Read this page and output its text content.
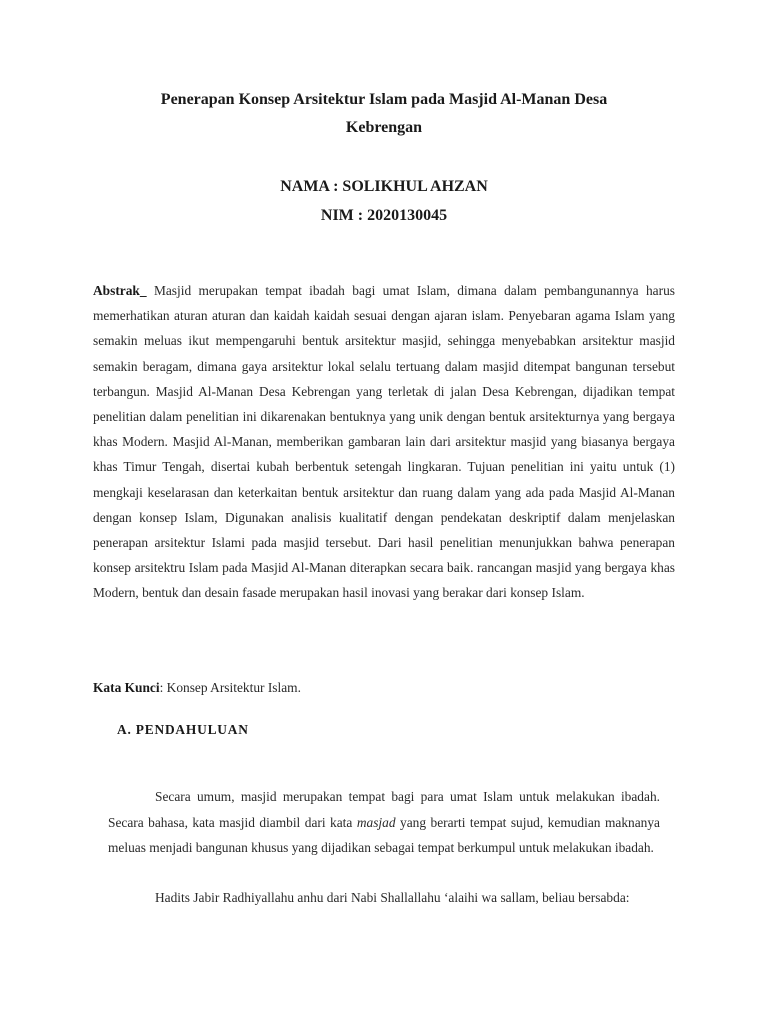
Penerapan Konsep Arsitektur Islam pada Masjid Al-Manan Desa
Kebrengan

NAMA : SOLIKHUL AHZAN

NIM : 2020130045

Abstrak_ Masjid merupakan tempat ibadah bagi umat Islam, dimana dalam pembangunannya harus memerhatikan aturan aturan dan kaidah kaidah sesuai dengan ajaran islam. Penyebaran agama Islam yang semakin meluas ikut mempengaruhi bentuk arsitektur masjid, sehingga menyebabkan arsitektur masjid semakin beragam, dimana gaya arsitektur lokal selalu tertuang dalam masjid ditempat bangunan tersebut terbangun. Masjid Al-Manan Desa Kebrengan yang terletak di jalan Desa Kebrengan, dijadikan tempat penelitian dalam penelitian ini dikarenakan bentuknya yang unik dengan bentuk arsitekturnya yang bergaya khas Modern. Masjid Al-Manan, memberikan gambaran lain dari arsitektur masjid yang biasanya bergaya khas Timur Tengah, disertai kubah berbentuk setengah lingkaran. Tujuan penelitian ini yaitu untuk (1) mengkaji keselarasan dan keterkaitan bentuk arsitektur dan ruang dalam yang ada pada Masjid Al-Manan dengan konsep Islam, Digunakan analisis kualitatif dengan pendekatan deskriptif dalam menjelaskan penerapan arsitektur Islami pada masjid tersebut. Dari hasil penelitian menunjukkan bahwa penerapan konsep arsitektru Islam pada Masjid Al-Manan diterapkan secara baik. rancangan masjid yang bergaya khas Modern, bentuk dan desain fasade merupakan hasil inovasi yang berakar dari konsep Islam.

Kata Kunci: Konsep Arsitektur Islam.

A. PENDAHULUAN

Secara umum, masjid merupakan tempat bagi para umat Islam untuk melakukan ibadah. Secara bahasa, kata masjid diambil dari kata masjad yang berarti tempat sujud, kemudian maknanya meluas menjadi bangunan khusus yang dijadikan sebagai tempat berkumpul untuk melakukan ibadah.

Hadits Jabir Radhiyallahu anhu dari Nabi Shallallahu ‘alaihi wa sallam, beliau bersabda:
